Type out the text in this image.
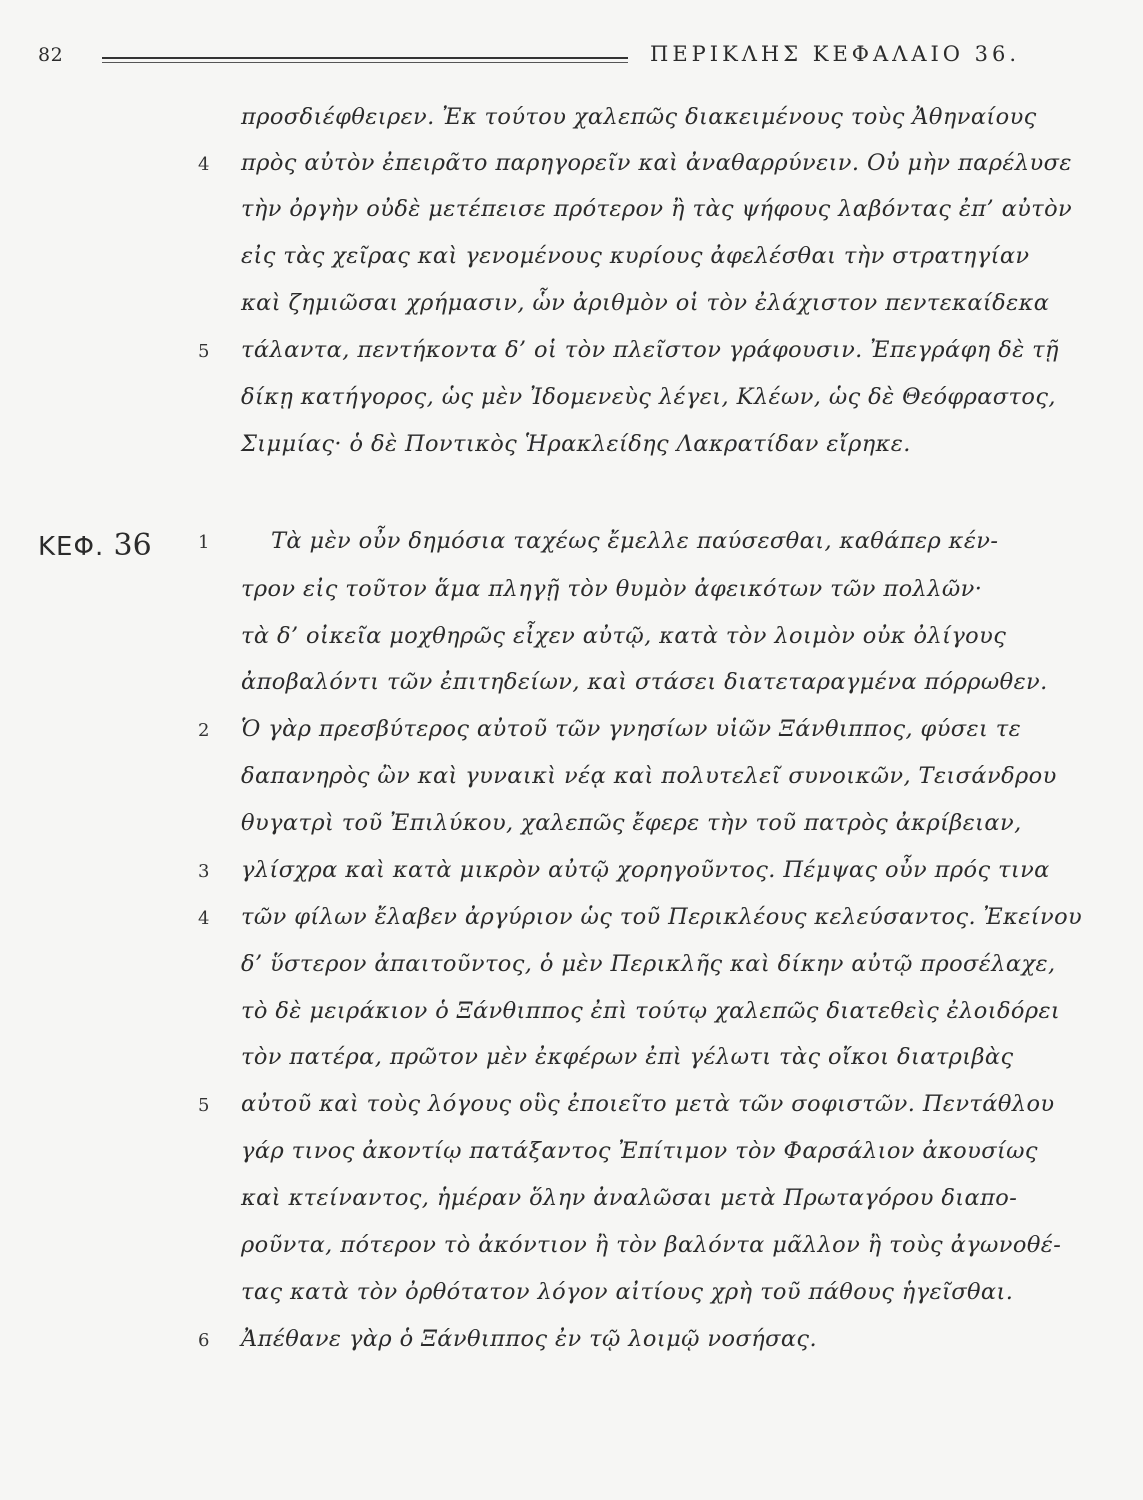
82	ΠΕΡΙΚΛΗΣ ΚΕΦΑΛΑΙΟ 36.
ΚΕΦ. 36
προσδιέφθειρεν. Ἐκ τούτου χαλεπῶς διακειμένους τοὺς Ἀθηναίους
4 πρὸς αὐτὸν ἐπειρᾶτο παρηγορεῖν καὶ ἀναθαρρύνειν. Οὐ μὴν παρέλυσε
τὴν ὀργὴν οὐδὲ μετέπεισε πρότερον ἢ τὰς ψήφους λαβόντας ἐπ’ αὐτὸν
εἰς τὰς χεῖρας καὶ γενομένους κυρίους ἀφελέσθαι τὴν στρατηγίαν
καὶ ζημιῶσαι χρήμασιν, ὧν ἀριθμὸν οἱ τὸν ἐλάχιστον πεντεκαίδεκα
5 τάλαντα, πεντήκοντα δ’ οἱ τὸν πλεῖστον γράφουσιν. Ἐπεγράφη δὲ τῇ
δίκῃ κατήγορος, ὡς μὲν Ἰδομενεὺς λέγει, Κλέων, ὡς δὲ Θεόφραστος,
Σιμμίας· ὁ δὲ Ποντικὸς Ἡρακλείδης Λακρατίδαν εἴρηκε.
1	Τὰ μὲν οὖν δημόσια ταχέως ἔμελλε παύσεσθαι, καθάπερ κέν-
τρον εἰς τοῦτον ἅμα πληγῇ τὸν θυμὸν ἀφεικότων τῶν πολλῶν·
τὰ δ’ οἰκεῖα μοχθηρῶς εἶχεν αὐτῷ, κατὰ τὸν λοιμὸν οὐκ ὀλίγους
ἀποβαλόντι τῶν ἐπιτηδείων, καὶ στάσει διατεταραγμένα πόρρωθεν.
2 Ὁ γὰρ πρεσβύτερος αὐτοῦ τῶν γνησίων υἱῶν Ξάνθιππος, φύσει τε
δαπανηρὸς ὢν καὶ γυναικὶ νέᾳ καὶ πολυτελεῖ συνοικῶν, Τεισάνδρου
θυγατρὶ τοῦ Ἐπιλύκου, χαλεπῶς ἔφερε τὴν τοῦ πατρὸς ἀκρίβειαν,
3 γλίσχρα καὶ κατὰ μικρὸν αὐτῷ χορηγοῦντος. Πέμψας οὖν πρός τινα
4 τῶν φίλων ἔλαβεν ἀργύριον ὡς τοῦ Περικλέους κελεύσαντος. Ἐκείνου
δ’ ὕστερον ἀπαιτοῦντος, ὁ μὲν Περικλῆς καὶ δίκην αὐτῷ προσέλαχε,
τὸ δὲ μειράκιον ὁ Ξάνθιππος ἐπὶ τούτῳ χαλεπῶς διατεθεὶς ἐλοιδόρει
τὸν πατέρα, πρῶτον μὲν ἐκφέρων ἐπὶ γέλωτι τὰς οἴκοι διατριβὰς
5 αὐτοῦ καὶ τοὺς λόγους οὓς ἐποιεῖτο μετὰ τῶν σοφιστῶν. Πεντάθλου
γάρ τινος ἀκοντίῳ πατάξαντος Ἐπίτιμον τὸν Φαρσάλιον ἀκουσίως
καὶ κτείναντος, ἡμέραν ὅλην ἀναλῶσαι μετὰ Πρωταγόρου διαπο-
ροῦντα, πότερον τὸ ἀκόντιον ἢ τὸν βαλόντα μᾶλλον ἢ τοὺς ἀγωνοθέ-
τας κατὰ τὸν ὀρθότατον λόγον αἰτίους χρὴ τοῦ πάθους ἡγεῖσθαι.
6 Ἀπέθανε γὰρ ὁ Ξάνθιππος ἐν τῷ λοιμῷ νοσήσας.
